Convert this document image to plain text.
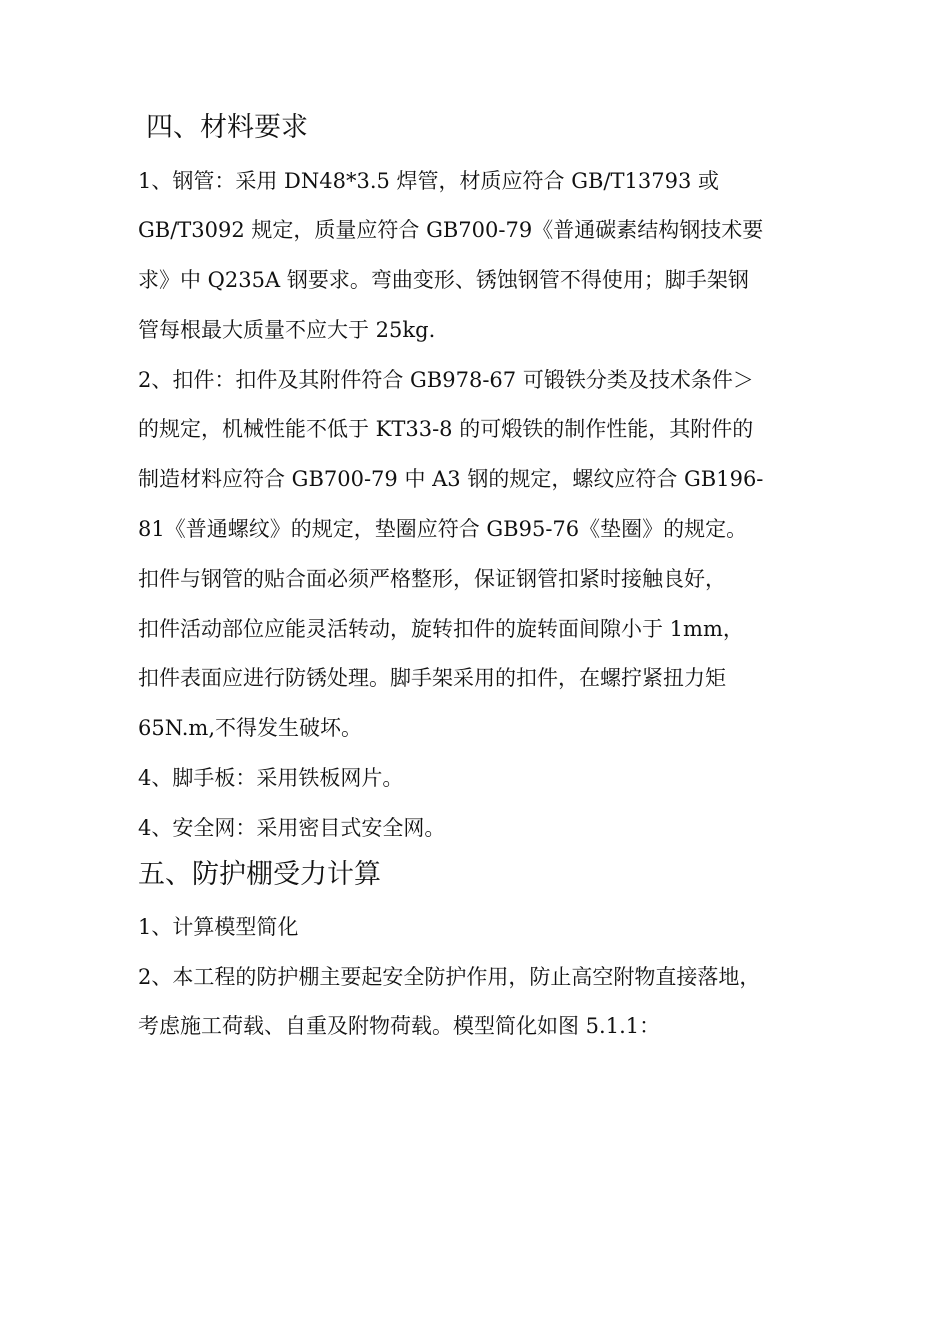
四、材料要求
1、钢管：采用 DN48*3.5 焊管，材质应符合 GB/T13793 或
GB/T3092 规定，质量应符合 GB700-79《普通碳素结构钢技术要
求》中 Q235A 钢要求。弯曲变形、锈蚀钢管不得使用；脚手架钢
管每根最大质量不应大于 25kg.
2、扣件：扣件及其附件符合 GB978-67 可锻铁分类及技术条件＞
的规定，机械性能不低于 KT33-8 的可煅铁的制作性能，其附件的
制造材料应符合 GB700-79 中 A3 钢的规定，螺纹应符合 GB196-
81《普通螺纹》的规定，垫圈应符合 GB95-76《垫圈》的规定。
扣件与钢管的贴合面必须严格整形，保证钢管扣紧时接触良好，
扣件活动部位应能灵活转动，旋转扣件的旋转面间隙小于 1mm，
扣件表面应进行防锈处理。脚手架采用的扣件，在螺拧紧扭力矩
65N.m,不得发生破坏。
4、脚手板：采用铁板网片。
4、安全网：采用密目式安全网。
五、防护棚受力计算
1、计算模型简化
2、本工程的防护棚主要起安全防护作用，防止高空附物直接落地，
考虑施工荷载、自重及附物荷载。模型简化如图 5.1.1：
